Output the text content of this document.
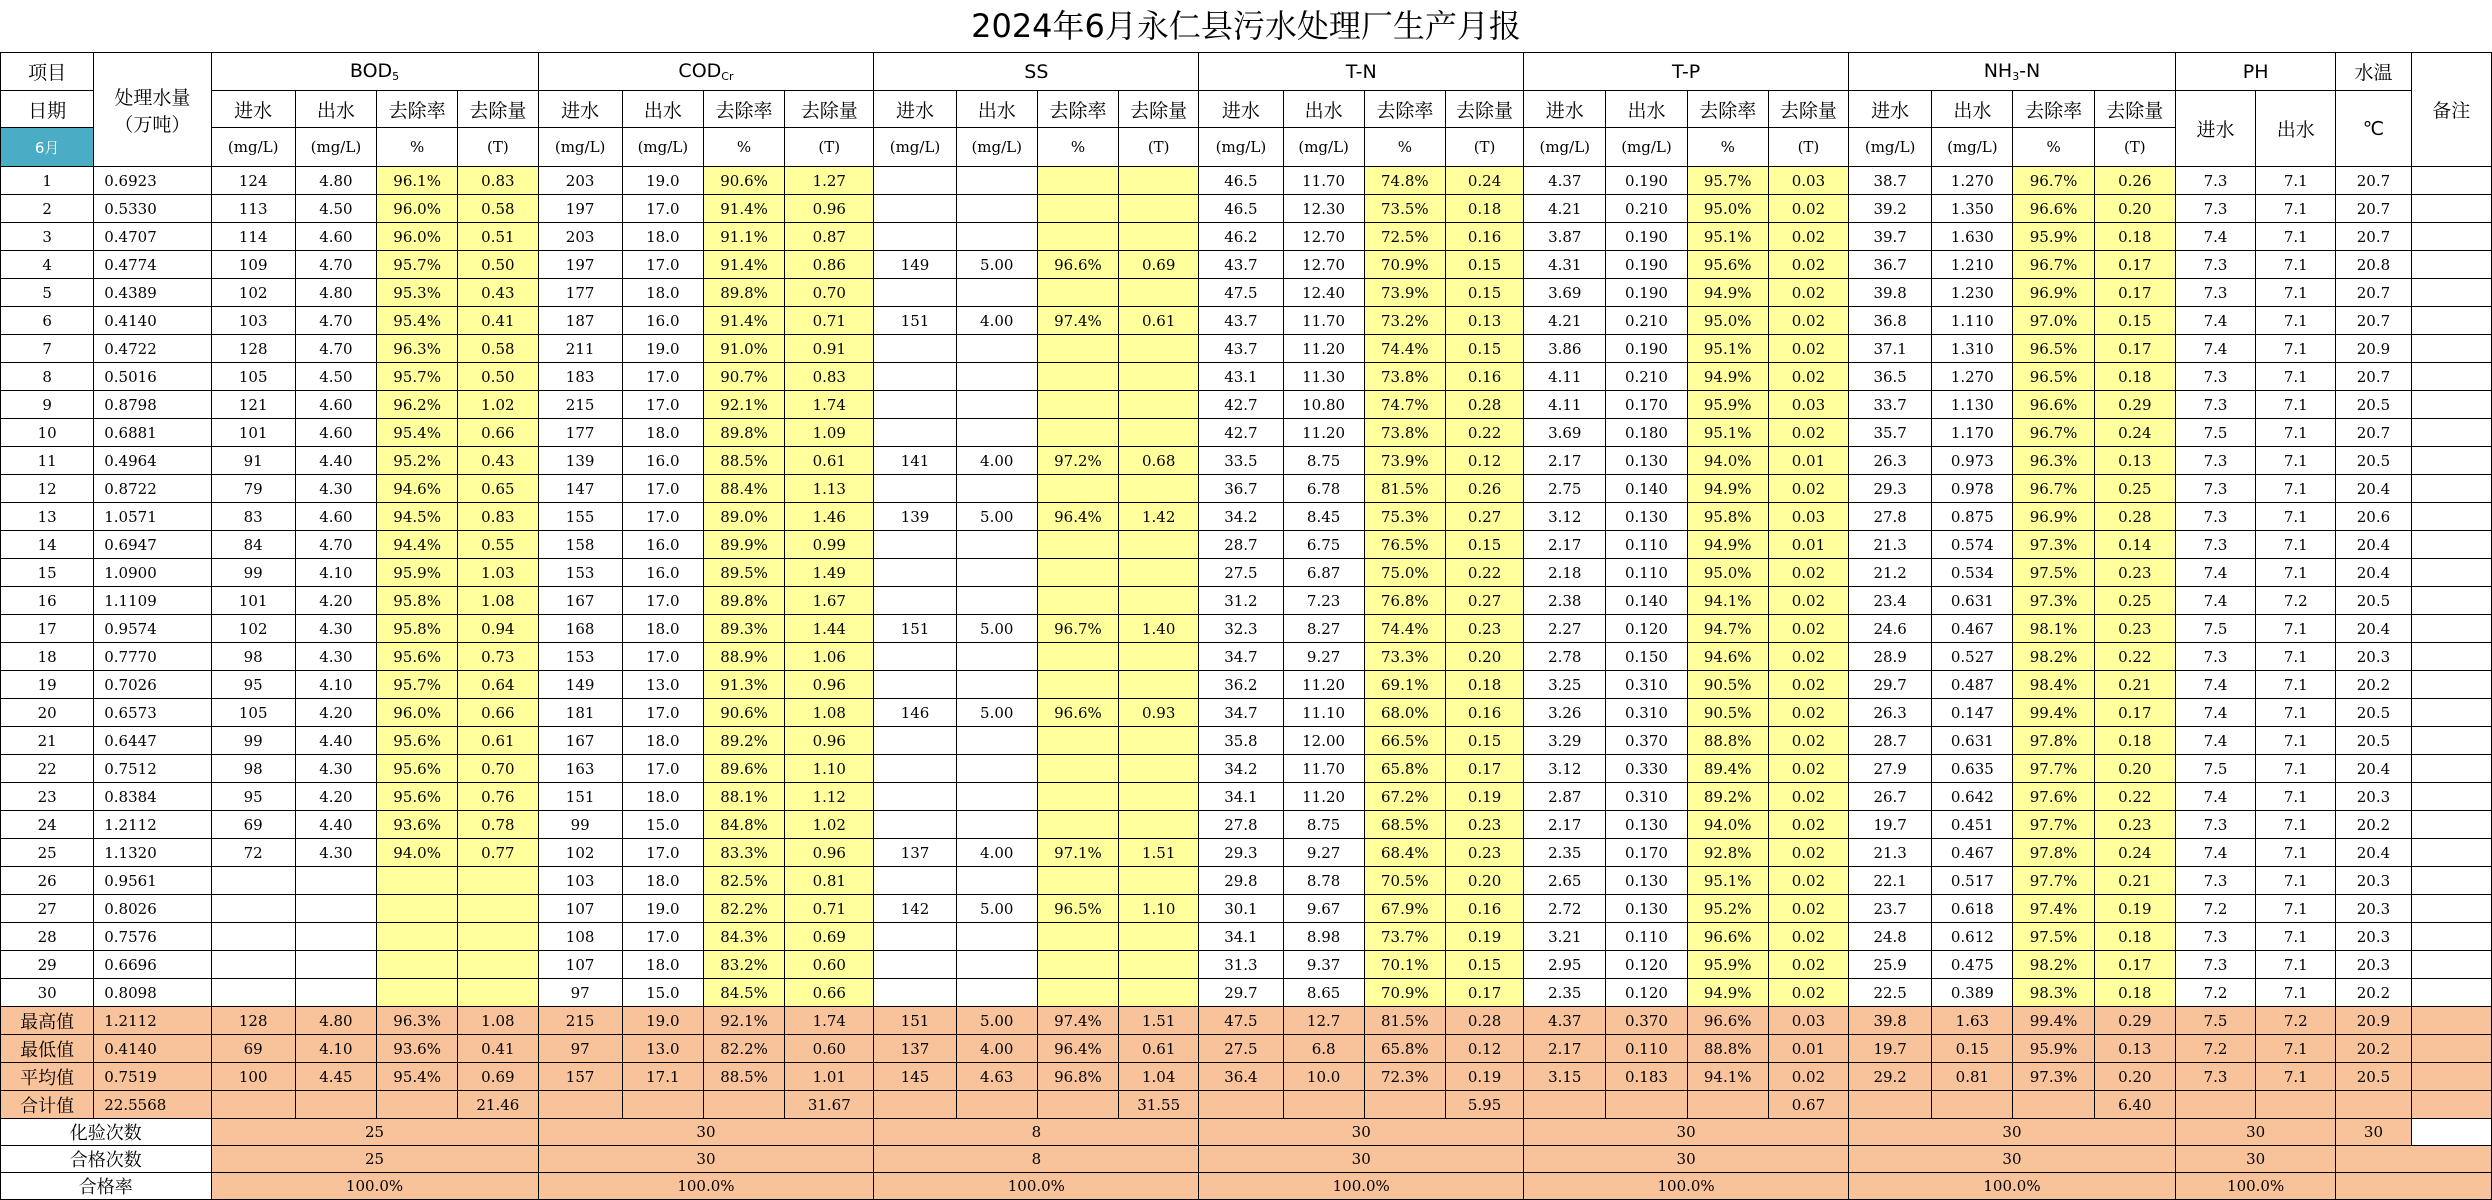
2024年6月永仁县污水处理厂生产月报
项目	处理水量
（万吨）	$BOD_5$				$COD_{Cr}$				SS				T-N				T-P				$NH_3-N$				PH		水温	备注
日期		进水	出水	去除率	去除量	进水	出水	去除率	去除量	进水	出水	去除率	去除量	进水	出水	去除率	去除量	进水	出水	去除率	去除量	进水	出水	去除率	去除量	进水	出水	℃	
6月		(mg/L)	(mg/L)	%	(T)	(mg/L)	(mg/L)	%	(T)	(mg/L)	(mg/L)	%	(T)	(mg/L)	(mg/L)	%	(T)	(mg/L)	(mg/L)	%	(T)	(mg/L)	(mg/L)	%	(T)				
1	0.6923	124	4.80	96.1%	0.83	203	19.0	90.6%	1.27					46.5	11.70	74.8%	0.24	4.37	0.190	95.7%	0.03	38.7	1.270	96.7%	0.26	7.3	7.1	20.7	
2	0.5330	113	4.50	96.0%	0.58	197	17.0	91.4%	0.96					46.5	12.30	73.5%	0.18	4.21	0.210	95.0%	0.02	39.2	1.350	96.6%	0.20	7.3	7.1	20.7	
3	0.4707	114	4.60	96.0%	0.51	203	18.0	91.1%	0.87					46.2	12.70	72.5%	0.16	3.87	0.190	95.1%	0.02	39.7	1.630	95.9%	0.18	7.4	7.1	20.7	
4	0.4774	109	4.70	95.7%	0.50	197	17.0	91.4%	0.86	149	5.00	96.6%	0.69	43.7	12.70	70.9%	0.15	4.31	0.190	95.6%	0.02	36.7	1.210	96.7%	0.17	7.3	7.1	20.8	
5	0.4389	102	4.80	95.3%	0.43	177	18.0	89.8%	0.70					47.5	12.40	73.9%	0.15	3.69	0.190	94.9%	0.02	39.8	1.230	96.9%	0.17	7.3	7.1	20.7	
6	0.4140	103	4.70	95.4%	0.41	187	16.0	91.4%	0.71	151	4.00	97.4%	0.61	43.7	11.70	73.2%	0.13	4.21	0.210	95.0%	0.02	36.8	1.110	97.0%	0.15	7.4	7.1	20.7	
7	0.4722	128	4.70	96.3%	0.58	211	19.0	91.0%	0.91					43.7	11.20	74.4%	0.15	3.86	0.190	95.1%	0.02	37.1	1.310	96.5%	0.17	7.4	7.1	20.9	
8	0.5016	105	4.50	95.7%	0.50	183	17.0	90.7%	0.83					43.1	11.30	73.8%	0.16	4.11	0.210	94.9%	0.02	36.5	1.270	96.5%	0.18	7.3	7.1	20.7	
9	0.8798	121	4.60	96.2%	1.02	215	17.0	92.1%	1.74					42.7	10.80	74.7%	0.28	4.11	0.170	95.9%	0.03	33.7	1.130	96.6%	0.29	7.3	7.1	20.5	
10	0.6881	101	4.60	95.4%	0.66	177	18.0	89.8%	1.09					42.7	11.20	73.8%	0.22	3.69	0.180	95.1%	0.02	35.7	1.170	96.7%	0.24	7.5	7.1	20.7	
11	0.4964	91	4.40	95.2%	0.43	139	16.0	88.5%	0.61	141	4.00	97.2%	0.68	33.5	8.75	73.9%	0.12	2.17	0.130	94.0%	0.01	26.3	0.973	96.3%	0.13	7.3	7.1	20.5	
12	0.8722	79	4.30	94.6%	0.65	147	17.0	88.4%	1.13					36.7	6.78	81.5%	0.26	2.75	0.140	94.9%	0.02	29.3	0.978	96.7%	0.25	7.3	7.1	20.4	
13	1.0571	83	4.60	94.5%	0.83	155	17.0	89.0%	1.46	139	5.00	96.4%	1.42	34.2	8.45	75.3%	0.27	3.12	0.130	95.8%	0.03	27.8	0.875	96.9%	0.28	7.3	7.1	20.6	
14	0.6947	84	4.70	94.4%	0.55	158	16.0	89.9%	0.99					28.7	6.75	76.5%	0.15	2.17	0.110	94.9%	0.01	21.3	0.574	97.3%	0.14	7.3	7.1	20.4	
15	1.0900	99	4.10	95.9%	1.03	153	16.0	89.5%	1.49					27.5	6.87	75.0%	0.22	2.18	0.110	95.0%	0.02	21.2	0.534	97.5%	0.23	7.4	7.1	20.4	
16	1.1109	101	4.20	95.8%	1.08	167	17.0	89.8%	1.67					31.2	7.23	76.8%	0.27	2.38	0.140	94.1%	0.02	23.4	0.631	97.3%	0.25	7.4	7.2	20.5	
17	0.9574	102	4.30	95.8%	0.94	168	18.0	89.3%	1.44	151	5.00	96.7%	1.40	32.3	8.27	74.4%	0.23	2.27	0.120	94.7%	0.02	24.6	0.467	98.1%	0.23	7.5	7.1	20.4	
18	0.7770	98	4.30	95.6%	0.73	153	17.0	88.9%	1.06					34.7	9.27	73.3%	0.20	2.78	0.150	94.6%	0.02	28.9	0.527	98.2%	0.22	7.3	7.1	20.3	
19	0.7026	95	4.10	95.7%	0.64	149	13.0	91.3%	0.96					36.2	11.20	69.1%	0.18	3.25	0.310	90.5%	0.02	29.7	0.487	98.4%	0.21	7.4	7.1	20.2	
20	0.6573	105	4.20	96.0%	0.66	181	17.0	90.6%	1.08	146	5.00	96.6%	0.93	34.7	11.10	68.0%	0.16	3.26	0.310	90.5%	0.02	26.3	0.147	99.4%	0.17	7.4	7.1	20.5	
21	0.6447	99	4.40	95.6%	0.61	167	18.0	89.2%	0.96					35.8	12.00	66.5%	0.15	3.29	0.370	88.8%	0.02	28.7	0.631	97.8%	0.18	7.4	7.1	20.5	
22	0.7512	98	4.30	95.6%	0.70	163	17.0	89.6%	1.10					34.2	11.70	65.8%	0.17	3.12	0.330	89.4%	0.02	27.9	0.635	97.7%	0.20	7.5	7.1	20.4	
23	0.8384	95	4.20	95.6%	0.76	151	18.0	88.1%	1.12					34.1	11.20	67.2%	0.19	2.87	0.310	89.2%	0.02	26.7	0.642	97.6%	0.22	7.4	7.1	20.3	
24	1.2112	69	4.40	93.6%	0.78	99	15.0	84.8%	1.02					27.8	8.75	68.5%	0.23	2.17	0.130	94.0%	0.02	19.7	0.451	97.7%	0.23	7.3	7.1	20.2	
25	1.1320	72	4.30	94.0%	0.77	102	17.0	83.3%	0.96	137	4.00	97.1%	1.51	29.3	9.27	68.4%	0.23	2.35	0.170	92.8%	0.02	21.3	0.467	97.8%	0.24	7.4	7.1	20.4	
26	0.9561					103	18.0	82.5%	0.81					29.8	8.78	70.5%	0.20	2.65	0.130	95.1%	0.02	22.1	0.517	97.7%	0.21	7.3	7.1	20.3	
27	0.8026					107	19.0	82.2%	0.71	142	5.00	96.5%	1.10	30.1	9.67	67.9%	0.16	2.72	0.130	95.2%	0.02	23.7	0.618	97.4%	0.19	7.2	7.1	20.3	
28	0.7576					108	17.0	84.3%	0.69					34.1	8.98	73.7%	0.19	3.21	0.110	96.6%	0.02	24.8	0.612	97.5%	0.18	7.3	7.1	20.3	
29	0.6696					107	18.0	83.2%	0.60					31.3	9.37	70.1%	0.15	2.95	0.120	95.9%	0.02	25.9	0.475	98.2%	0.17	7.3	7.1	20.3	
30	0.8098					97	15.0	84.5%	0.66					29.7	8.65	70.9%	0.17	2.35	0.120	94.9%	0.02	22.5	0.389	98.3%	0.18	7.2	7.1	20.2	
最高值	1.2112	128	4.80	96.3%	1.08	215	19.0	92.1%	1.74	151	5.00	97.4%	1.51	47.5	12.7	81.5%	0.28	4.37	0.370	96.6%	0.03	39.8	1.63	99.4%	0.29	7.5	7.2	20.9	
最低值	0.4140	69	4.10	93.6%	0.41	97	13.0	82.2%	0.60	137	4.00	96.4%	0.61	27.5	6.8	65.8%	0.12	2.17	0.110	88.8%	0.01	19.7	0.15	95.9%	0.13	7.2	7.1	20.2	
平均值	0.7519	100	4.45	95.4%	0.69	157	17.1	88.5%	1.01	145	4.63	96.8%	1.04	36.4	10.0	72.3%	0.19	3.15	0.183	94.1%	0.02	29.2	0.81	97.3%	0.20	7.3	7.1	20.5	
合计值	22.5568				21.46				31.67				31.55				5.95				0.67				6.40				
化验次数		25				30				8				30				30				30				30		30	
合格次数		25				30				8				30				30				30				30			
合格率		100.0%				100.0%				100.0%				100.0%				100.0%				100.0%				100.0%			
